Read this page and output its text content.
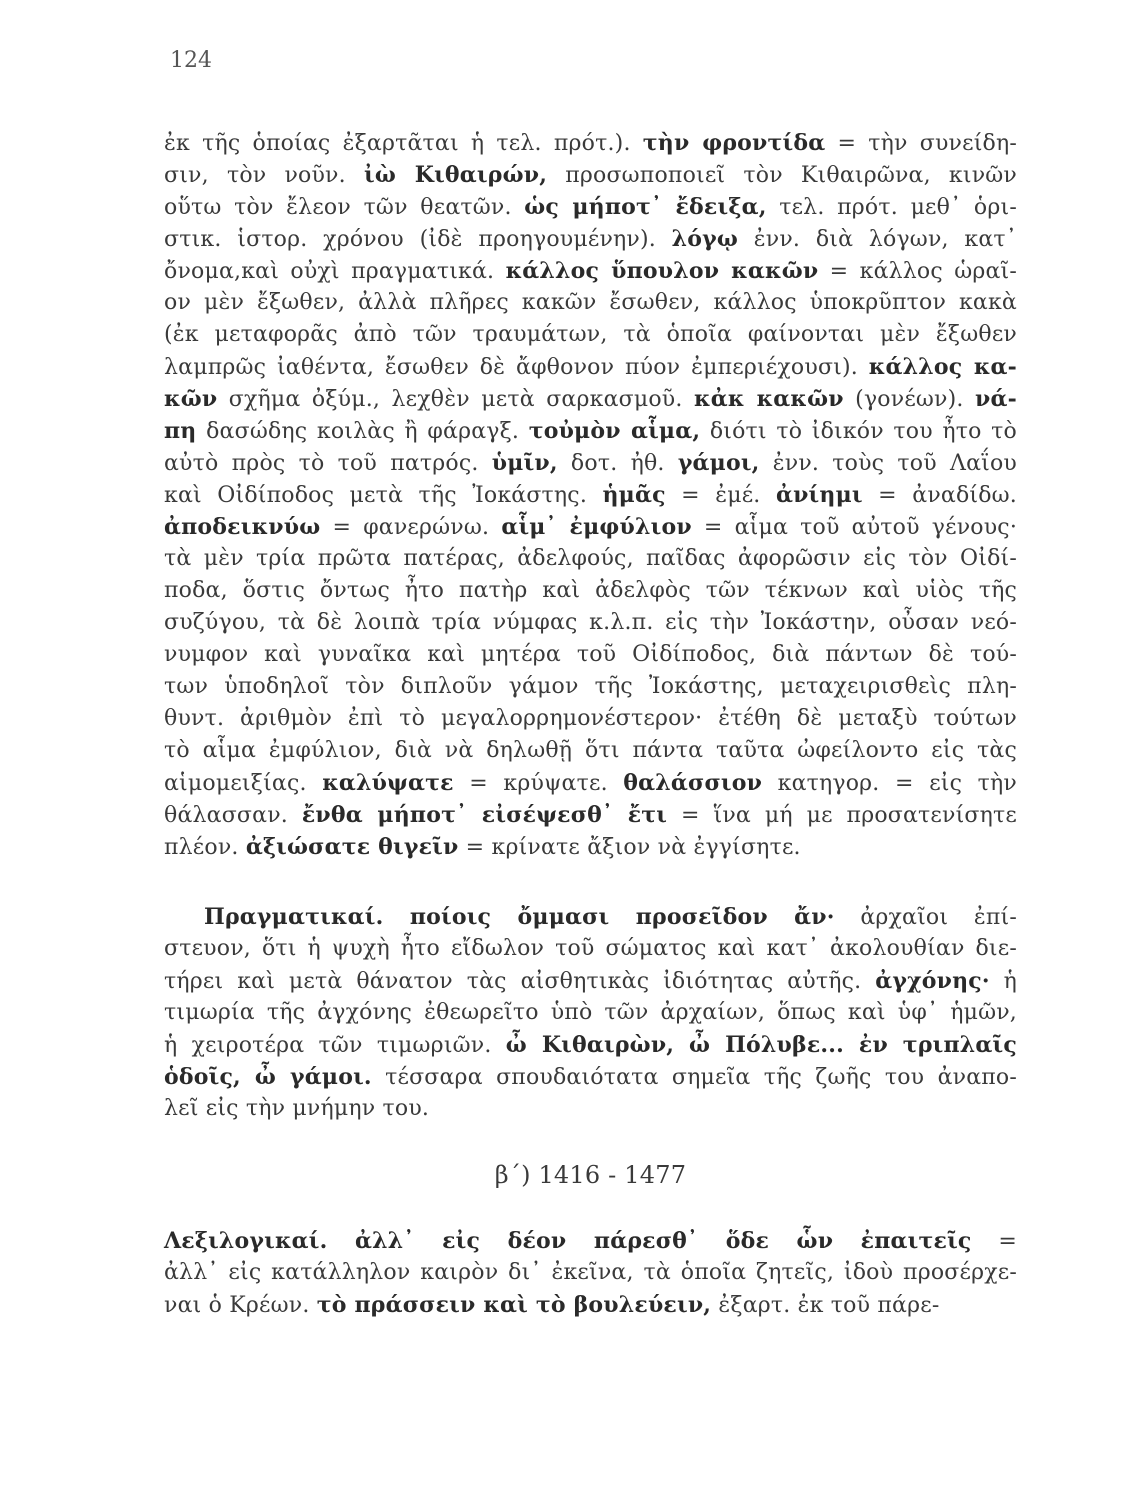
124
ἐκ τῆς ὁποίας ἐξαρτᾶται ἡ τελ. πρότ.). τὴν φροντίδα = τὴν συνείδη-
σιν, τὸν νοῦν. ἰὼ Κιθαιρών, προσωποποιεῖ τὸν Κιθαιρῶνα, κινῶν
οὕτω τὸν ἔλεον τῶν θεατῶν. ὡς μήποτ᾽ ἔδειξα, τελ. πρότ. μεθ᾽ ὁρι-
στικ. ἱστορ. χρόνου (ἰδὲ προηγουμένην). λόγῳ ἐνν. διὰ λόγων, κατ᾽
ὄνομα,καὶ οὐχὶ πραγματικά. κάλλος ὕπουλον κακῶν = κάλλος ὡραῖ-
ον μὲν ἔξωθεν, ἀλλὰ πλῆρες κακῶν ἔσωθεν, κάλλος ὑποκρῦπτον κακὰ
(ἐκ μεταφορᾶς ἀπὸ τῶν τραυμάτων, τὰ ὁποῖα φαίνονται μὲν ἔξωθεν
λαμπρῶς ἰαθέντα, ἔσωθεν δὲ ἄφθονον πύον ἐμπεριέχουσι). κάλλος κα-
κῶν σχῆμα ὀξύμ., λεχθὲν μετὰ σαρκασμοῦ. κἀκ κακῶν (γονέων). νά-
πη δασώδης κοιλὰς ἢ φάραγξ. τοὐμὸν αἷμα, διότι τὸ ἰδικόν του ἦτο τὸ
αὐτὸ πρὸς τὸ τοῦ πατρός. ὑμῖν, δοτ. ἠθ. γάμοι, ἐνν. τοὺς τοῦ Λαΐου
καὶ Οἰδίποδος μετὰ τῆς Ἰοκάστης. ἡμᾶς = ἐμέ. ἀνίημι = ἀναδίδω.
ἀποδεικνύω = φανερώνω. αἷμ᾽ ἐμφύλιον = αἷμα τοῦ αὐτοῦ γένους·
τὰ μὲν τρία πρῶτα πατέρας, ἀδελφούς, παῖδας ἀφορῶσιν εἰς τὸν Οἰδί-
ποδα, ὅστις ὄντως ἦτο πατὴρ καὶ ἀδελφὸς τῶν τέκνων καὶ υἱὸς τῆς
συζύγου, τὰ δὲ λοιπὰ τρία νύμφας κ.λ.π. εἰς τὴν Ἰοκάστην, οὖσαν νεό-
νυμφον καὶ γυναῖκα καὶ μητέρα τοῦ Οἰδίποδος, διὰ πάντων δὲ τού-
των ὑποδηλοῖ τὸν διπλοῦν γάμον τῆς Ἰοκάστης, μεταχειρισθεὶς πλη-
θυντ. ἀριθμὸν ἐπὶ τὸ μεγαλορρημονέστερον· ἐτέθη δὲ μεταξὺ τούτων
τὸ αἷμα ἐμφύλιον, διὰ νὰ δηλωθῇ ὅτι πάντα ταῦτα ὠφείλοντο εἰς τὰς
αἱμομειξίας. καλύψατε = κρύψατε. θαλάσσιον κατηγορ. = εἰς τὴν
θάλασσαν. ἔνθα μήποτ᾽ εἰσέψεσθ᾽ ἔτι = ἵνα μή με προσατενίσητε
πλέον. ἀξιώσατε θιγεῖν = κρίνατε ἄξιον νὰ ἐγγίσητε.
Πραγματικαί. ποίοις ὄμμασι προσεῖδον ἄν· ἀρχαῖοι ἐπί-
στευον, ὅτι ἡ ψυχὴ ἦτο εἴδωλον τοῦ σώματος καὶ κατ᾽ ἀκολουθίαν διε-
τήρει καὶ μετὰ θάνατον τὰς αἰσθητικὰς ἰδιότητας αὐτῆς. ἀγχόνης· ἡ
τιμωρία τῆς ἀγχόνης ἐθεωρεῖτο ὑπὸ τῶν ἀρχαίων, ὅπως καὶ ὑφ᾽ ἡμῶν,
ἡ χειροτέρα τῶν τιμωριῶν. ὦ Κιθαιρὼν, ὦ Πόλυβε... ἐν τριπλαῖς
ὁδοῖς, ὦ γάμοι. τέσσαρα σπουδαιότατα σημεῖα τῆς ζωῆς του ἀναπο-
λεῖ εἰς τὴν μνήμην του.
β΄) 1416 - 1477
Λεξιλογικαί. ἀλλ᾽ εἰς δέον πάρεσθ᾽ ὅδε ὧν ἐπαιτεῖς =
ἀλλ᾽ εἰς κατάλληλον καιρὸν δι᾽ ἐκεῖνα, τὰ ὁποῖα ζητεῖς, ἰδοὺ προσέρχε-
ναι ὁ Κρέων. τὸ πράσσειν καὶ τὸ βουλεύειν, ἐξαρτ. ἐκ τοῦ πάρε-
